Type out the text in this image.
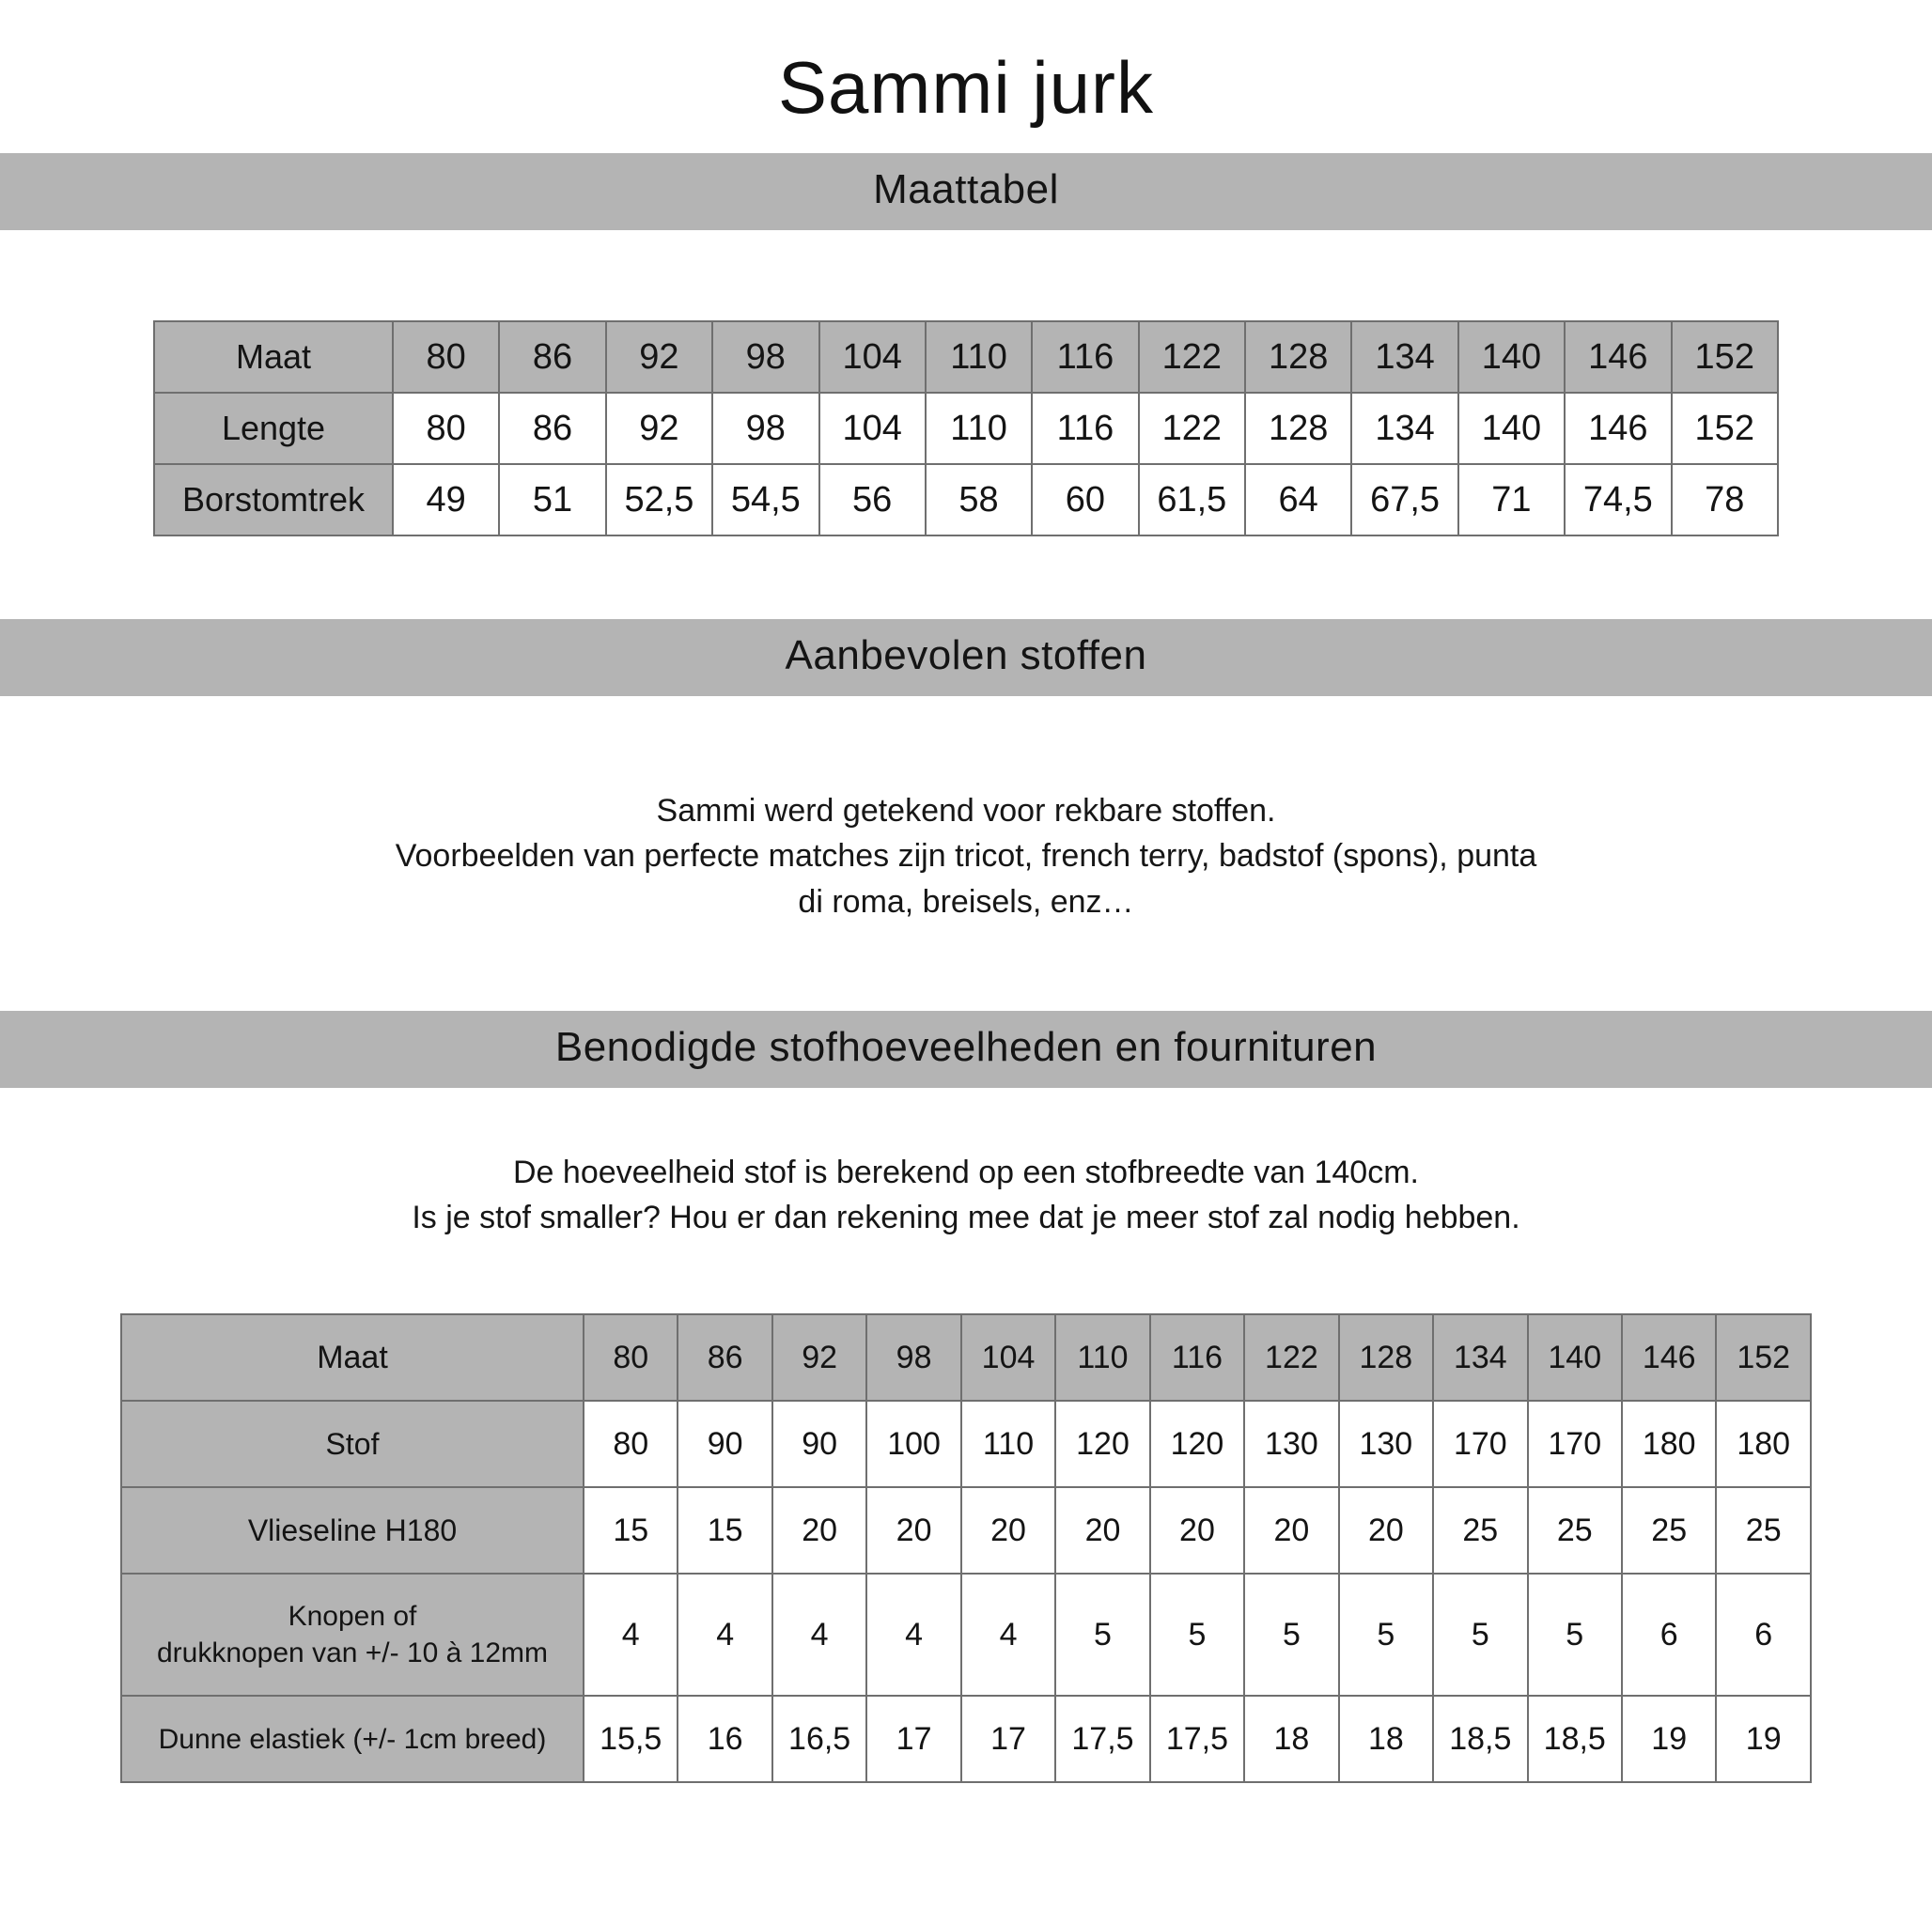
Sammi jurk
Maattabel
Maat	80	86	92	98	104	110	116	122	128	134	140	146	152
Lengte	80	86	92	98	104	110	116	122	128	134	140	146	152
Borstomtrek	49	51	52,5	54,5	56	58	60	61,5	64	67,5	71	74,5	78
Aanbevolen stoffen
Sammi werd getekend voor rekbare stoffen.
Voorbeelden van perfecte matches zijn tricot, french terry, badstof (spons), punta
di roma, breisels, enz…
Benodigde stofhoeveelheden en fournituren
De hoeveelheid stof is berekend op een stofbreedte van 140cm.
Is je stof smaller? Hou er dan rekening mee dat je meer stof zal nodig hebben.
Maat	80	86	92	98	104	110	116	122	128	134	140	146	152
Stof	80	90	90	100	110	120	120	130	130	170	170	180	180
Vlieseline H180	15	15	20	20	20	20	20	20	20	25	25	25	25
Knopen of
drukknopen van +/- 10 à 12mm	4	4	4	4	4	5	5	5	5	5	5	6	6
Dunne elastiek (+/- 1cm breed)	15,5	16	16,5	17	17	17,5	17,5	18	18	18,5	18,5	19	19
